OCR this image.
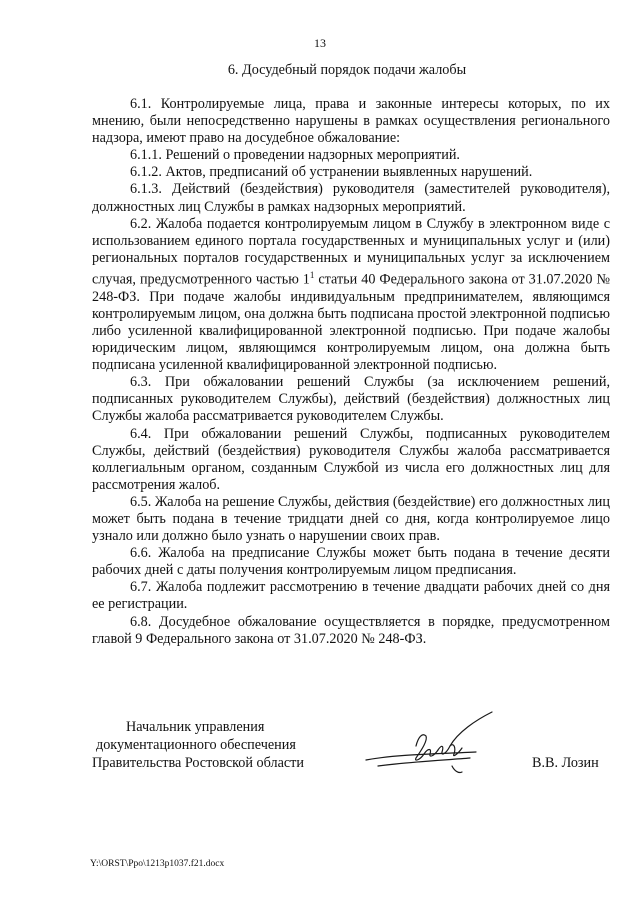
13
6. Досудебный порядок подачи жалобы

6.1. Контролируемые лица, права и законные интересы которых, по их мнению, были непосредственно нарушены в рамках осуществления регионального надзора, имеют право на досудебное обжалование:

6.1.1. Решений о проведении надзорных мероприятий.

6.1.2. Актов, предписаний об устранении выявленных нарушений.

6.1.3. Действий (бездействия) руководителя (заместителей руководителя), должностных лиц Службы в рамках надзорных мероприятий.

6.2. Жалоба подается контролируемым лицом в Службу в электронном виде с использованием единого портала государственных и муниципальных услуг и (или) региональных порталов государственных и муниципальных услуг за исключением случая, предусмотренного частью $1^1$ статьи 40 Федерального закона от 31.07.2020 № 248-ФЗ. При подаче жалобы индивидуальным предпринимателем, являющимся контролируемым лицом, она должна быть подписана простой электронной подписью либо усиленной квалифицированной электронной подписью. При подаче жалобы юридическим лицом, являющимся контролируемым лицом, она должна быть подписана усиленной квалифицированной электронной подписью.

6.3. При обжаловании решений Службы (за исключением решений, подписанных руководителем Службы), действий (бездействия) должностных лиц Службы жалоба рассматривается руководителем Службы.

6.4. При обжаловании решений Службы, подписанных руководителем Службы, действий (бездействия) руководителя Службы жалоба рассматривается коллегиальным органом, созданным Службой из числа его должностных лиц для рассмотрения жалоб.

6.5. Жалоба на решение Службы, действия (бездействие) его должностных лиц может быть подана в течение тридцати дней со дня, когда контролируемое лицо узнало или должно было узнать о нарушении своих прав.

6.6. Жалоба на предписание Службы может быть подана в течение десяти рабочих дней с даты получения контролируемым лицом предписания.

6.7. Жалоба подлежит рассмотрению в течение двадцати рабочих дней со дня ее регистрации.

6.8. Досудебное обжалование осуществляется в порядке, предусмотренном главой 9 Федерального закона от 31.07.2020 № 248-ФЗ.

Начальник управления
документационного обеспечения
Правительства Ростовской области	В.В. Лозин
Y:\ORST\Ppo\1213p1037.f21.docx
